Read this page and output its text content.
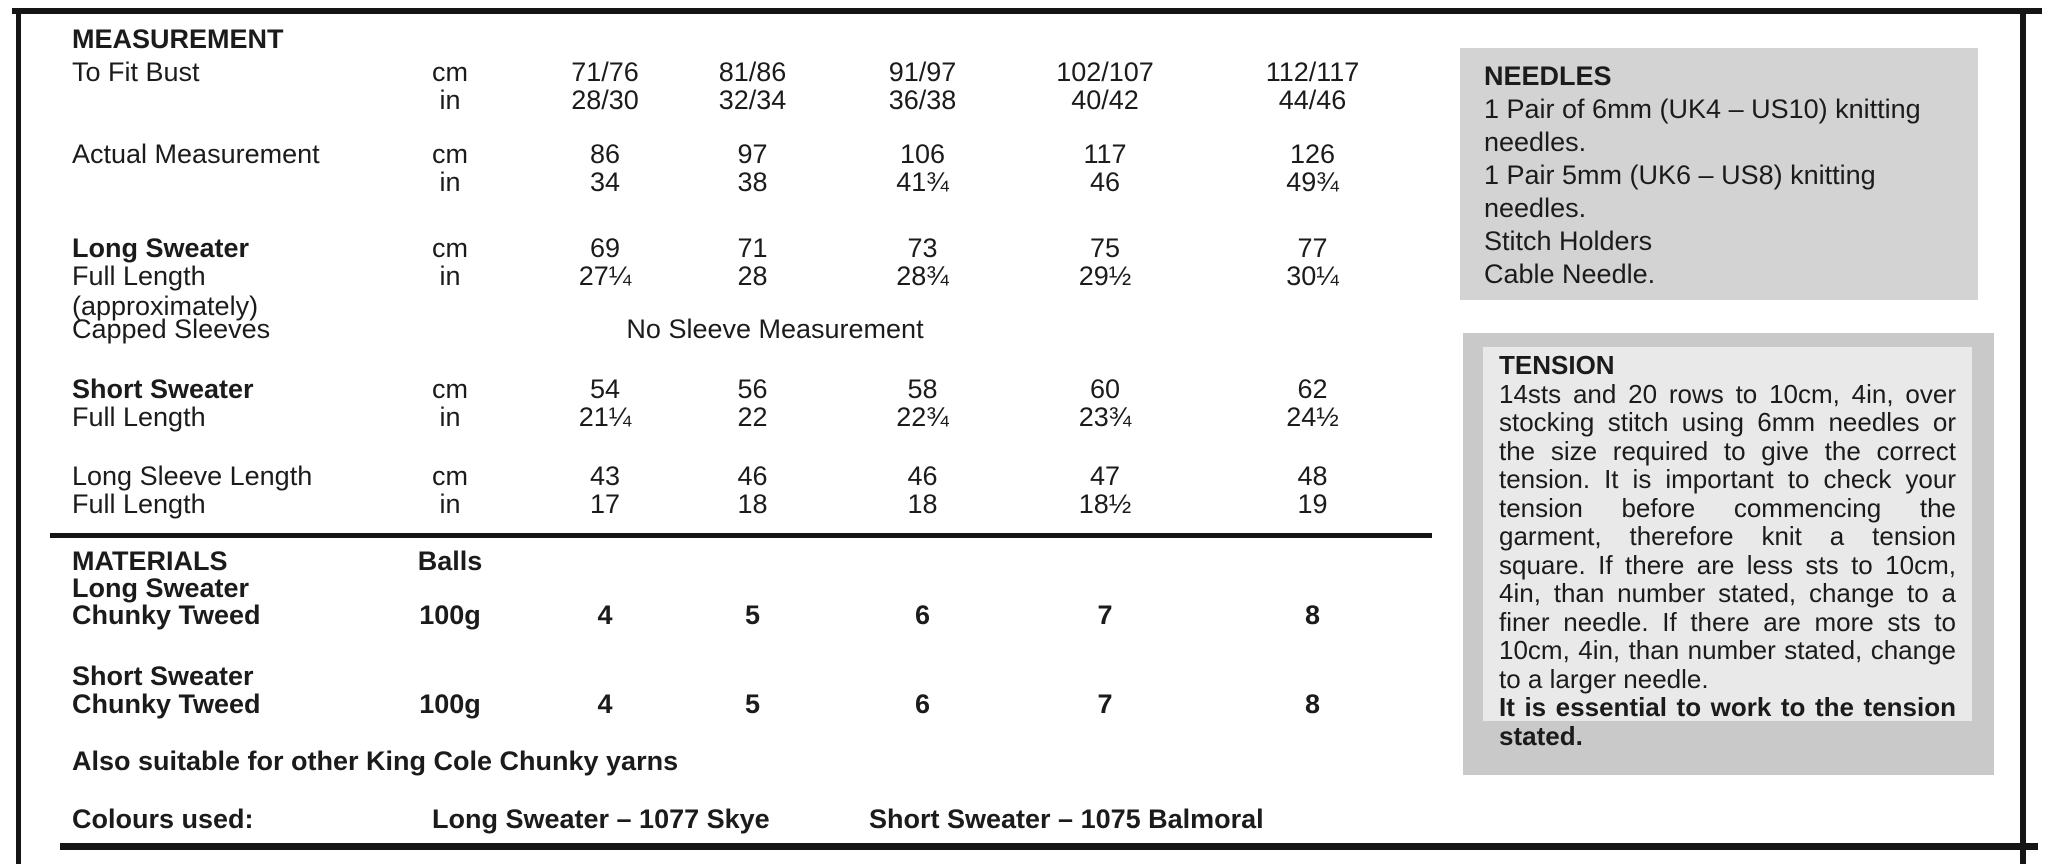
MEASUREMENT
To Fit Bust	cm	71/76	81/86	91/97	102/107	112/117
in	28/30	32/34	36/38	40/42	44/46
Actual Measurement	cm	86	97	106	117	126
in	34	38	41¾	46	49¾
Long Sweater	cm	69	71	73	75	77
Full Length (approximately)
in	27¼	28	28¾	29½	30¼
Capped Sleeves	No Sleeve Measurement
Short Sweater	cm	54	56	58	60	62
Full Length	in	21¼	22	22¾	23¾	24½
Long Sleeve Length	cm	43	46	46	47	48
Full Length	in	17	18	18	18½	19
MATERIALS	Balls
Long Sweater
Chunky Tweed	100g	4	5	6	7	8
Short Sweater
Chunky Tweed	100g	4	5	6	7	8
Also suitable for other King Cole Chunky yarns
Colours used:	Long Sweater – 1077 Skye	Short Sweater – 1075 Balmoral
NEEDLES
1 Pair of 6mm (UK4 – US10) knitting needles.
1 Pair 5mm (UK6 – US8) knitting needles.
Stitch Holders
Cable Needle.
TENSION

14sts and 20 rows to 10cm, 4in, over stocking stitch using 6mm needles or the size required to give the correct tension. It is important to check your tension before commencing the garment, therefore knit a tension square. If there are less sts to 10cm, 4in, than number stated, change to a finer needle. If there are more sts to 10cm, 4in, than number stated, change to a larger needle.

It is essential to work to the tension stated.
